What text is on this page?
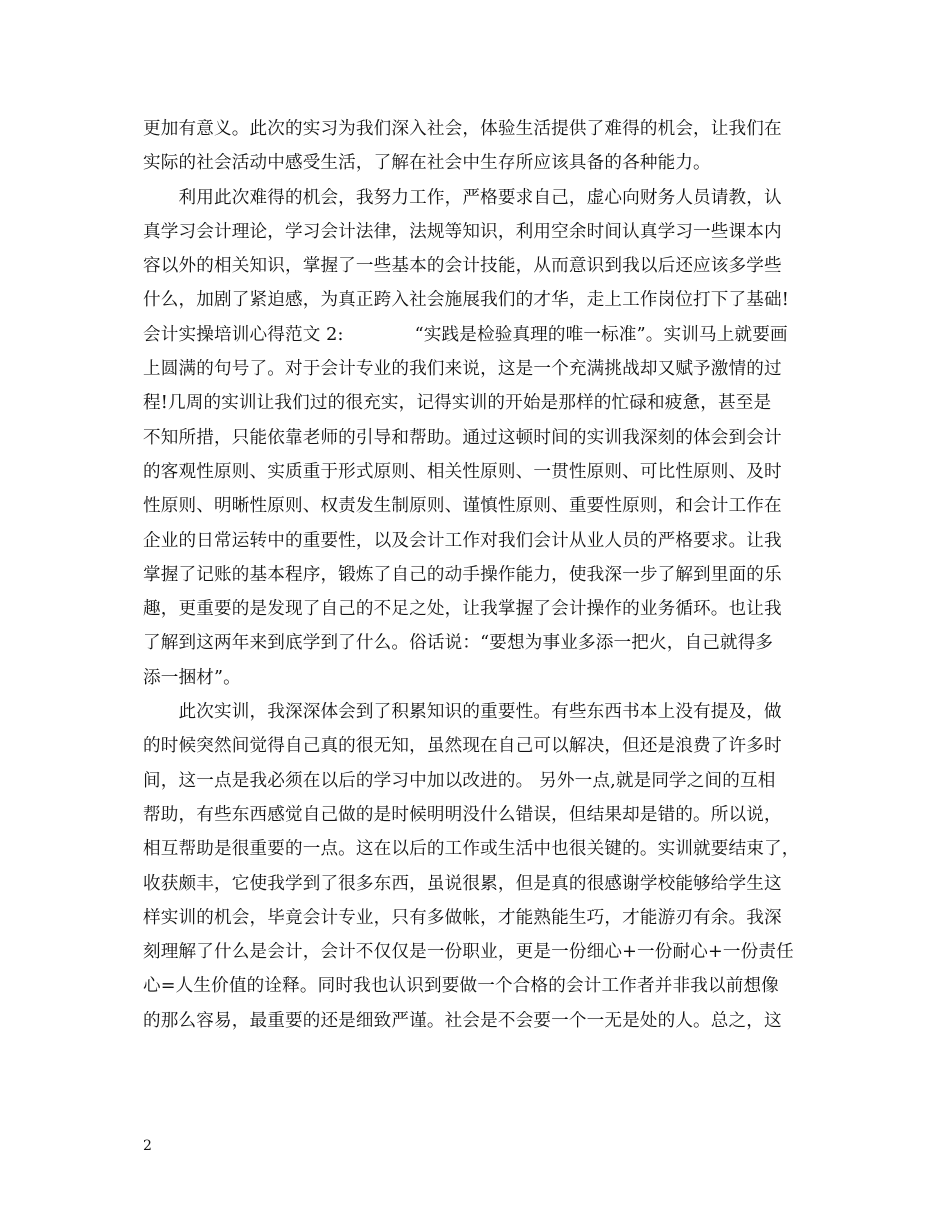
更加有意义。此次的实习为我们深入社会，体验生活提供了难得的机会，让我们在
实际的社会活动中感受生活，了解在社会中生存所应该具备的各种能力。
　　利用此次难得的机会，我努力工作，严格要求自己，虚心向财务人员请教，认
真学习会计理论，学习会计法律，法规等知识，利用空余时间认真学习一些课本内
容以外的相关知识，掌握了一些基本的会计技能，从而意识到我以后还应该多学些
什么，加剧了紧迫感，为真正跨入社会施展我们的才华，走上工作岗位打下了基础!
会计实操培训心得范文 2:　　　　“实践是检验真理的唯一标准”。实训马上就要画
上圆满的句号了。对于会计专业的我们来说，这是一个充满挑战却又赋予激情的过
程!几周的实训让我们过的很充实，记得实训的开始是那样的忙碌和疲惫，甚至是
不知所措，只能依靠老师的引导和帮助。通过这顿时间的实训我深刻的体会到会计
的客观性原则、实质重于形式原则、相关性原则、一贯性原则、可比性原则、及时
性原则、明晰性原则、权责发生制原则、谨慎性原则、重要性原则，和会计工作在
企业的日常运转中的重要性，以及会计工作对我们会计从业人员的严格要求。让我
掌握了记账的基本程序，锻炼了自己的动手操作能力，使我深一步了解到里面的乐
趣，更重要的是发现了自己的不足之处，让我掌握了会计操作的业务循环。也让我
了解到这两年来到底学到了什么。俗话说：“要想为事业多添一把火，自己就得多
添一捆材”。
　　此次实训，我深深体会到了积累知识的重要性。有些东西书本上没有提及，做
的时候突然间觉得自己真的很无知，虽然现在自己可以解决，但还是浪费了许多时
间，这一点是我必须在以后的学习中加以改进的。 另外一点,就是同学之间的互相
帮助，有些东西感觉自己做的是时候明明没什么错误，但结果却是错的。所以说，
相互帮助是很重要的一点。这在以后的工作或生活中也很关键的。实训就要结束了，
收获颇丰，它使我学到了很多东西，虽说很累，但是真的很感谢学校能够给学生这
样实训的机会，毕竟会计专业，只有多做帐，才能熟能生巧，才能游刃有余。我深
刻理解了什么是会计，会计不仅仅是一份职业，更是一份细心+一份耐心+一份责任
心=人生价值的诠释。同时我也认识到要做一个合格的会计工作者并非我以前想像
的那么容易，最重要的还是细致严谨。社会是不会要一个一无是处的人。总之，这
2
